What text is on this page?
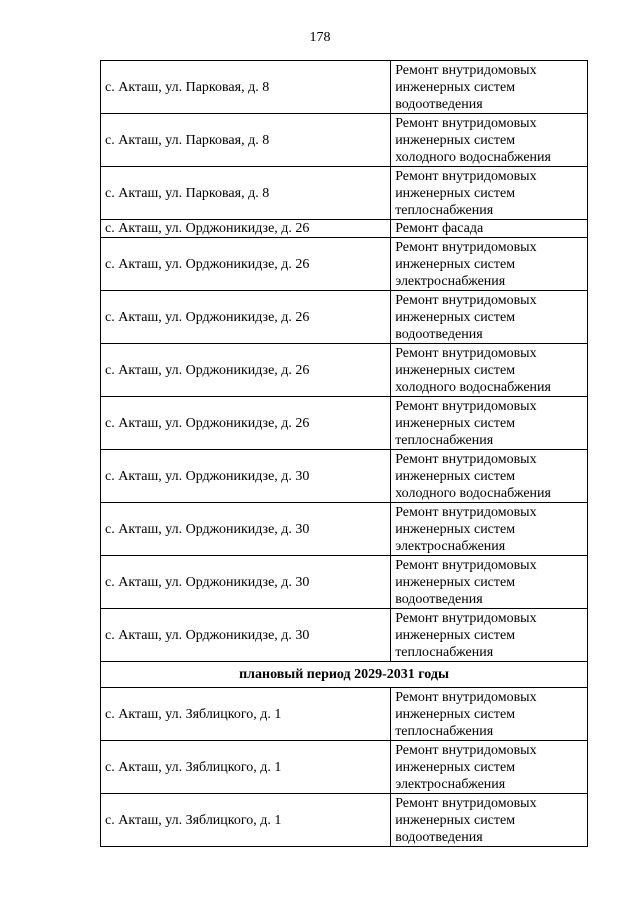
178
с. Акташ, ул. Парковая, д. 8	Ремонт внутридомовых
инженерных систем
водоотведения

с. Акташ, ул. Парковая, д. 8	Ремонт внутридомовых
инженерных систем
холодного водоснабжения

с. Акташ, ул. Парковая, д. 8	Ремонт внутридомовых
инженерных систем
теплоснабжения

с. Акташ, ул. Орджоникидзе, д. 26	Ремонт фасада

с. Акташ, ул. Орджоникидзе, д. 26	Ремонт внутридомовых
инженерных систем
электроснабжения

с. Акташ, ул. Орджоникидзе, д. 26	Ремонт внутридомовых
инженерных систем
водоотведения

с. Акташ, ул. Орджоникидзе, д. 26	Ремонт внутридомовых
инженерных систем
холодного водоснабжения

с. Акташ, ул. Орджоникидзе, д. 26	Ремонт внутридомовых
инженерных систем
теплоснабжения

с. Акташ, ул. Орджоникидзе, д. 30	Ремонт внутридомовых
инженерных систем
холодного водоснабжения

с. Акташ, ул. Орджоникидзе, д. 30	Ремонт внутридомовых
инженерных систем
электроснабжения

с. Акташ, ул. Орджоникидзе, д. 30	Ремонт внутридомовых
инженерных систем
водоотведения

с. Акташ, ул. Орджоникидзе, д. 30	Ремонт внутридомовых
инженерных систем
теплоснабжения

плановый период 2029-2031 годы	
с. Акташ, ул. Зяблицкого, д. 1	Ремонт внутридомовых
инженерных систем
теплоснабжения

с. Акташ, ул. Зяблицкого, д. 1	Ремонт внутридомовых
инженерных систем
электроснабжения

с. Акташ, ул. Зяблицкого, д. 1	Ремонт внутридомовых
инженерных систем
водоотведения
